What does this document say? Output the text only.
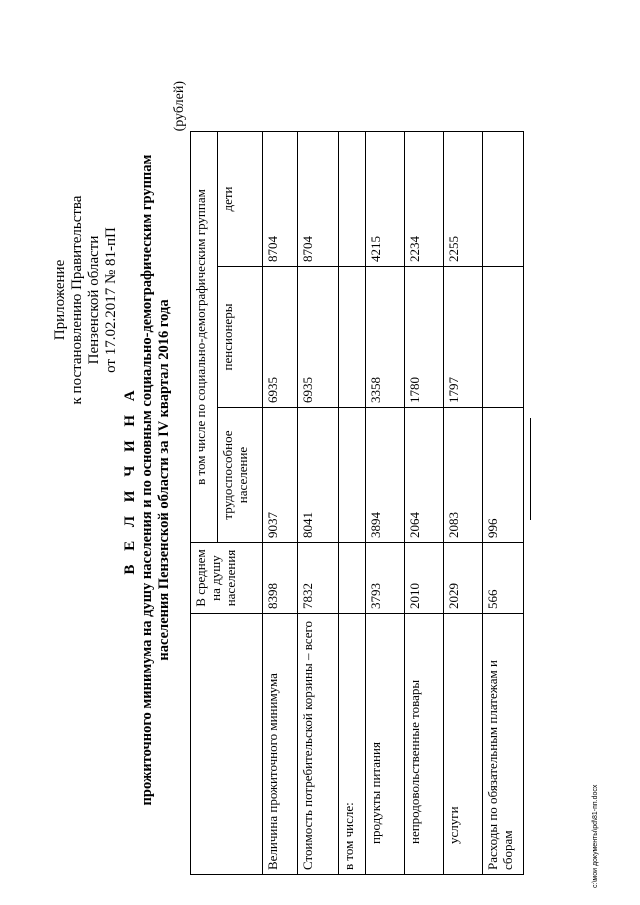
Приложение к постановлению Правительства Пензенской области от 17.02.2017 № 81-пП
В Е Л И Ч И Н А прожиточного минимума на душу населения и по основным социально-демографическим группам населения Пензенской области за IV квартал 2016 года
(рублей)
	В среднем на душу населения	в том числе по социально-демографическим группам		
		трудоспособное население	пенсионеры	дети
Величина прожиточного минимума	8398	9037	6935	8704
Стоимость потребительской корзины – всего	7832	8041	6935	8704
в том числе:				
продукты питания	3793	3894	3358	4215
непродовольственные товары	2010	2064	1780	2234
услуги	2029	2083	1797	2255
Расходы по обязательным платежам и сборам	566	996		
c:\мои документы\pd\81-пп.docx
